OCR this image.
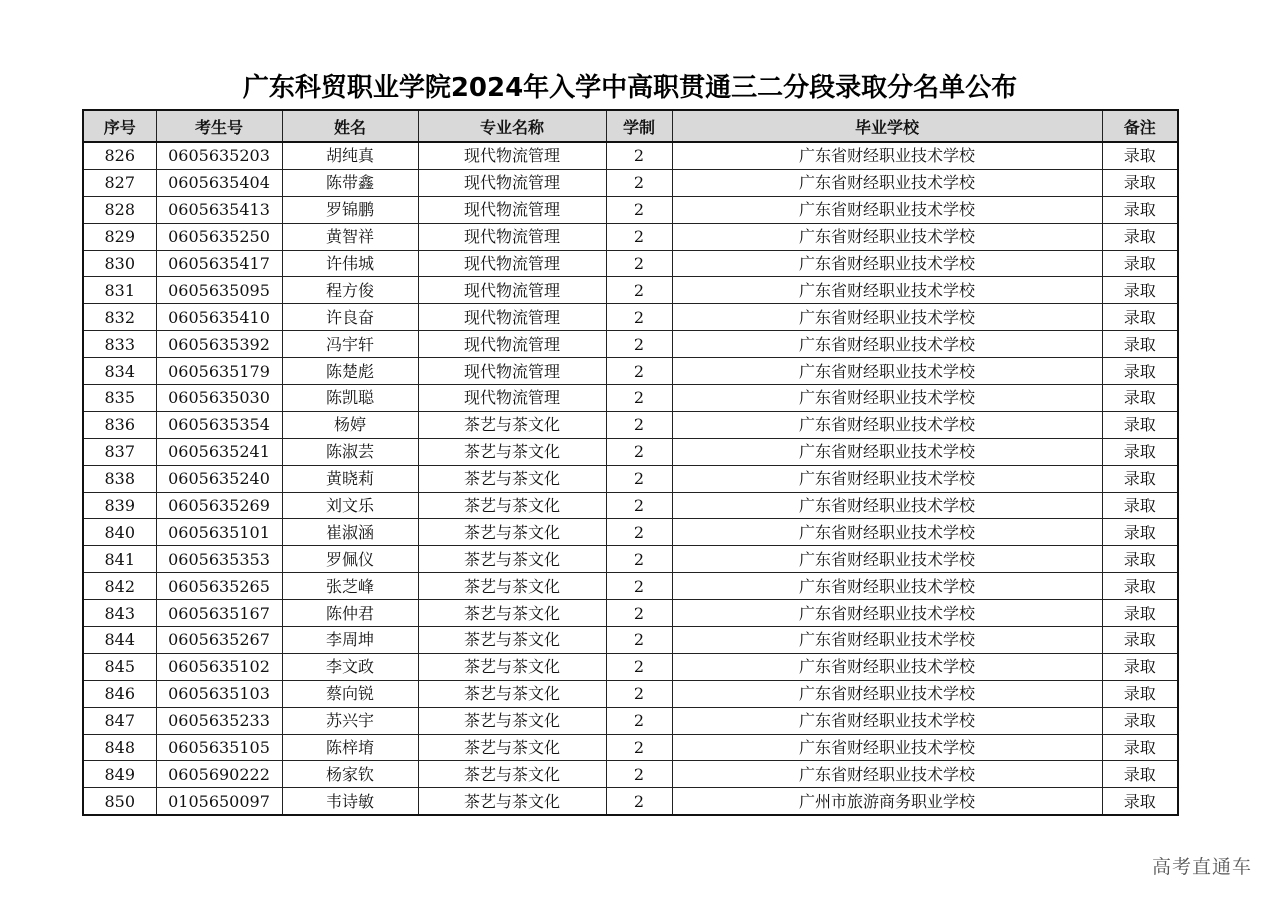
广东科贸职业学院2024年入学中高职贯通三二分段录取分名单公布
序号	考生号	姓名	专业名称	学制	毕业学校	备注
826	0605635203	胡纯真	现代物流管理	2	广东省财经职业技术学校	录取
827	0605635404	陈带鑫	现代物流管理	2	广东省财经职业技术学校	录取
828	0605635413	罗锦鹏	现代物流管理	2	广东省财经职业技术学校	录取
829	0605635250	黄智祥	现代物流管理	2	广东省财经职业技术学校	录取
830	0605635417	许伟城	现代物流管理	2	广东省财经职业技术学校	录取
831	0605635095	程方俊	现代物流管理	2	广东省财经职业技术学校	录取
832	0605635410	许良奋	现代物流管理	2	广东省财经职业技术学校	录取
833	0605635392	冯宇轩	现代物流管理	2	广东省财经职业技术学校	录取
834	0605635179	陈楚彪	现代物流管理	2	广东省财经职业技术学校	录取
835	0605635030	陈凯聪	现代物流管理	2	广东省财经职业技术学校	录取
836	0605635354	杨婷	茶艺与茶文化	2	广东省财经职业技术学校	录取
837	0605635241	陈淑芸	茶艺与茶文化	2	广东省财经职业技术学校	录取
838	0605635240	黄晓莉	茶艺与茶文化	2	广东省财经职业技术学校	录取
839	0605635269	刘文乐	茶艺与茶文化	2	广东省财经职业技术学校	录取
840	0605635101	崔淑涵	茶艺与茶文化	2	广东省财经职业技术学校	录取
841	0605635353	罗佩仪	茶艺与茶文化	2	广东省财经职业技术学校	录取
842	0605635265	张芝峰	茶艺与茶文化	2	广东省财经职业技术学校	录取
843	0605635167	陈仲君	茶艺与茶文化	2	广东省财经职业技术学校	录取
844	0605635267	李周坤	茶艺与茶文化	2	广东省财经职业技术学校	录取
845	0605635102	李文政	茶艺与茶文化	2	广东省财经职业技术学校	录取
846	0605635103	蔡向锐	茶艺与茶文化	2	广东省财经职业技术学校	录取
847	0605635233	苏兴宇	茶艺与茶文化	2	广东省财经职业技术学校	录取
848	0605635105	陈梓堉	茶艺与茶文化	2	广东省财经职业技术学校	录取
849	0605690222	杨家钦	茶艺与茶文化	2	广东省财经职业技术学校	录取
850	0105650097	韦诗敏	茶艺与茶文化	2	广州市旅游商务职业学校	录取
高考直通车
